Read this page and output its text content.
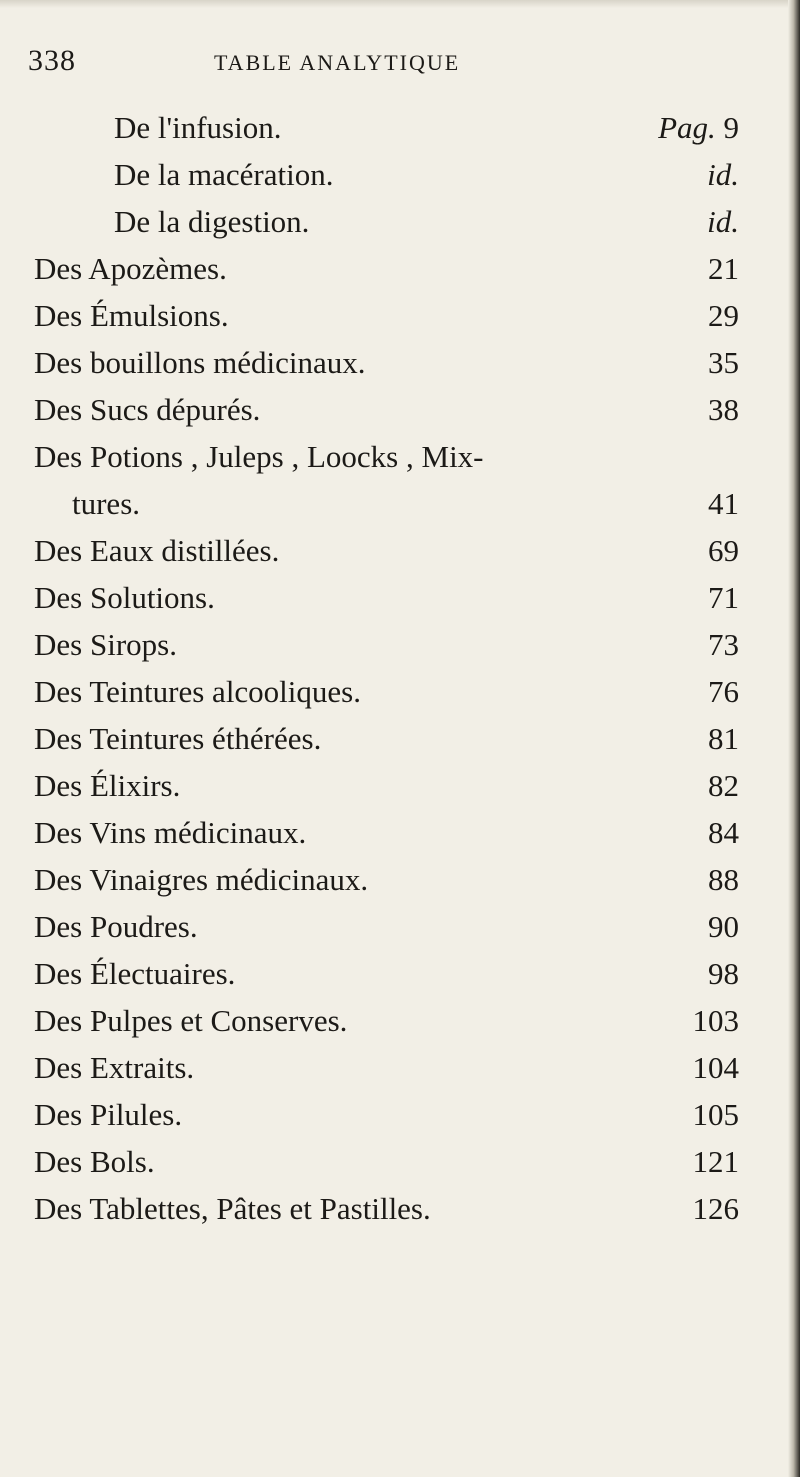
338	TABLE ANALYTIQUE
De l'infusion.	Pag. 9
De la macération.	id.
De la digestion.	id.
Des Apozèmes.	21
Des Émulsions.	29
Des bouillons médicinaux.	35
Des Sucs dépurés.	38
Des Potions , Juleps , Loocks , Mix-
tures.	41
Des Eaux distillées.	69
Des Solutions.	71
Des Sirops.	73
Des Teintures alcooliques.	76
Des Teintures éthérées.	81
Des Élixirs.	82
Des Vins médicinaux.	84
Des Vinaigres médicinaux.	88
Des Poudres.	90
Des Électuaires.	98
Des Pulpes et Conserves.	103
Des Extraits.	104
Des Pilules.	105
Des Bols.	121
Des Tablettes, Pâtes et Pastilles.	126
